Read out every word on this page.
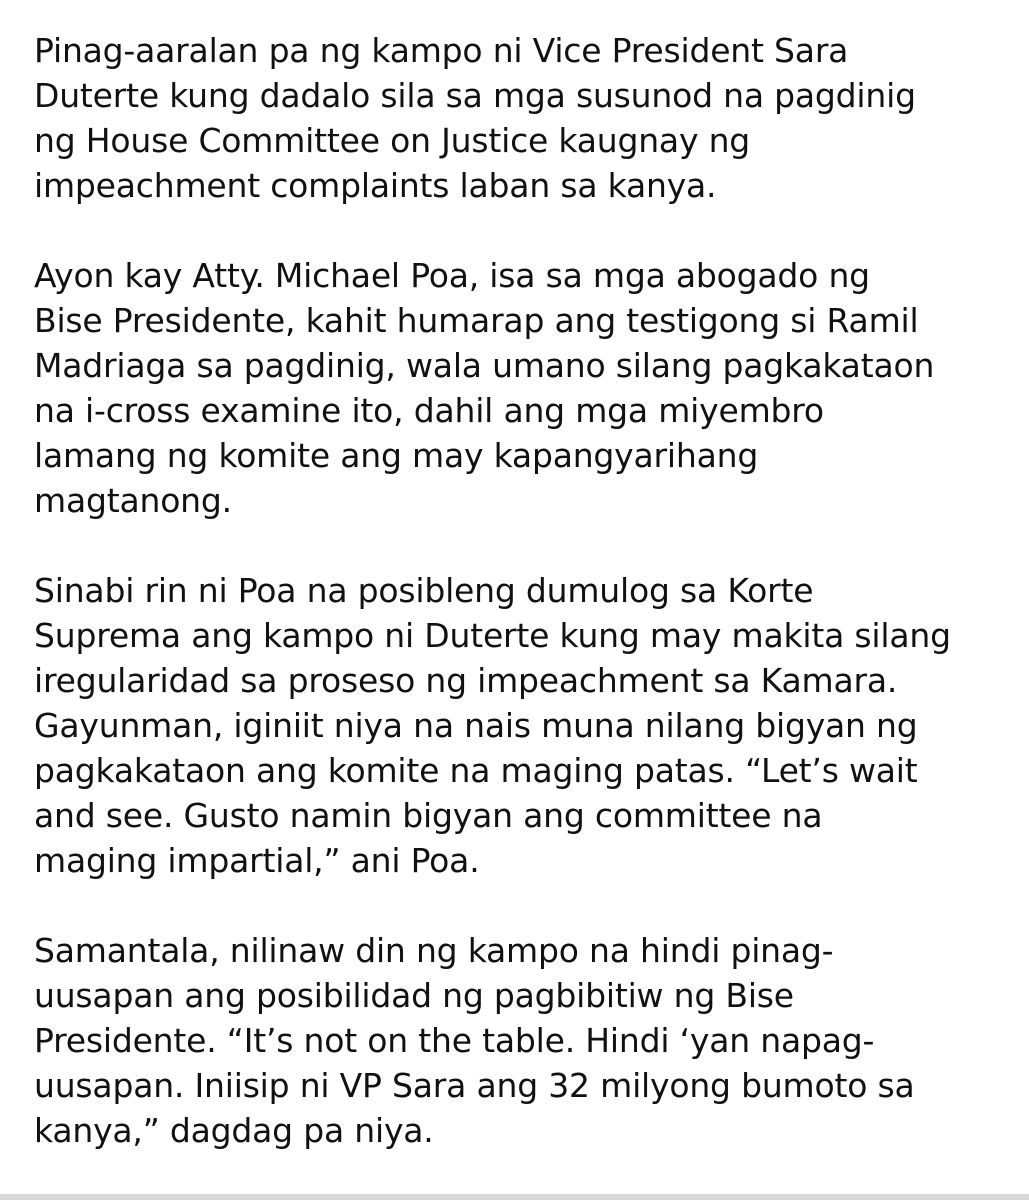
Pinag-aaralan pa ng kampo ni Vice President Sara
Duterte kung dadalo sila sa mga susunod na pagdinig
ng House Committee on Justice kaugnay ng
impeachment complaints laban sa kanya.

Ayon kay Atty. Michael Poa, isa sa mga abogado ng
Bise Presidente, kahit humarap ang testigong si Ramil
Madriaga sa pagdinig, wala umano silang pagkakataon
na i-cross examine ito, dahil ang mga miyembro
lamang ng komite ang may kapangyarihang
magtanong.

Sinabi rin ni Poa na posibleng dumulog sa Korte
Suprema ang kampo ni Duterte kung may makita silang
iregularidad sa proseso ng impeachment sa Kamara.
Gayunman, iginiit niya na nais muna nilang bigyan ng
pagkakataon ang komite na maging patas. “Let’s wait
and see. Gusto namin bigyan ang committee na
maging impartial,” ani Poa.

Samantala, nilinaw din ng kampo na hindi pinag-
uusapan ang posibilidad ng pagbibitiw ng Bise
Presidente. “It’s not on the table. Hindi ‘yan napag-
uusapan. Iniisip ni VP Sara ang 32 milyong bumoto sa
kanya,” dagdag pa niya.
